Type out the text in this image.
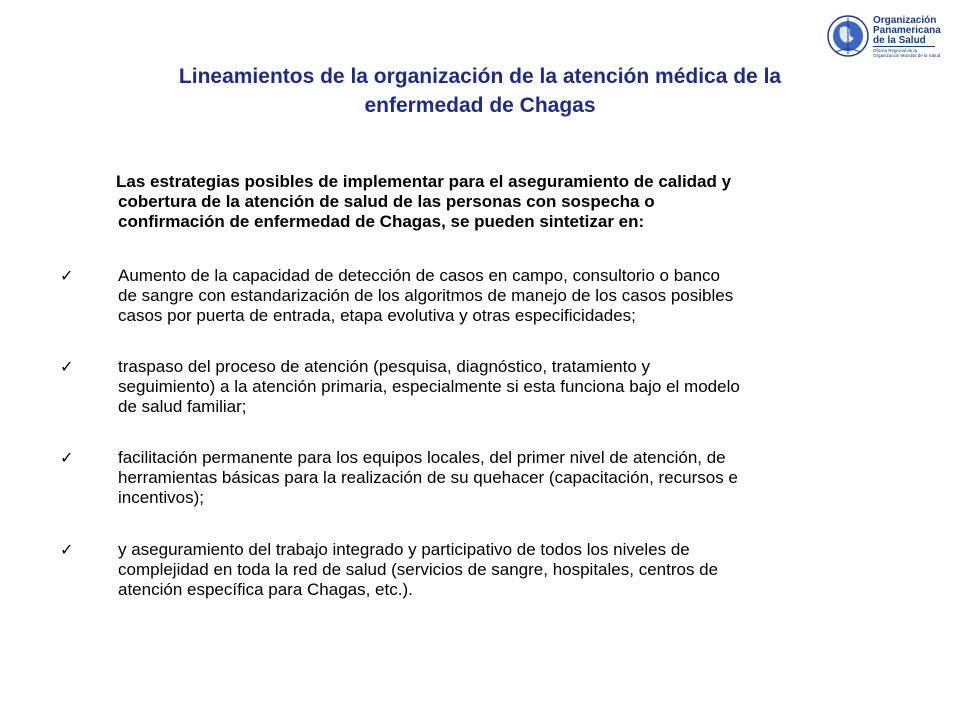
Organización
Panamericana
de la Salud
Oficina Regional de la
Organización Mundial de la Salud
Lineamientos de la organización de la atención médica de la
enfermedad de Chagas
Las estrategias posibles de implementar para el aseguramiento de calidad y
cobertura de la atención de salud de las personas con sospecha o
confirmación de enfermedad de Chagas, se pueden sintetizar en:
✓	Aumento de la capacidad de detección de casos en campo, consultorio o banco
de sangre con estandarización de los algoritmos de manejo de los casos posibles
casos por puerta de entrada, etapa evolutiva y otras especificidades;
✓	traspaso del proceso de atención (pesquisa, diagnóstico, tratamiento y
seguimiento) a la atención primaria, especialmente si esta funciona bajo el modelo
de salud familiar;
✓	facilitación permanente para los equipos locales, del primer nivel de atención, de
herramientas básicas para la realización de su quehacer (capacitación, recursos e
incentivos);
✓	y aseguramiento del trabajo integrado y participativo de todos los niveles de
complejidad en toda la red de salud (servicios de sangre, hospitales, centros de
atención específica para Chagas, etc.).
